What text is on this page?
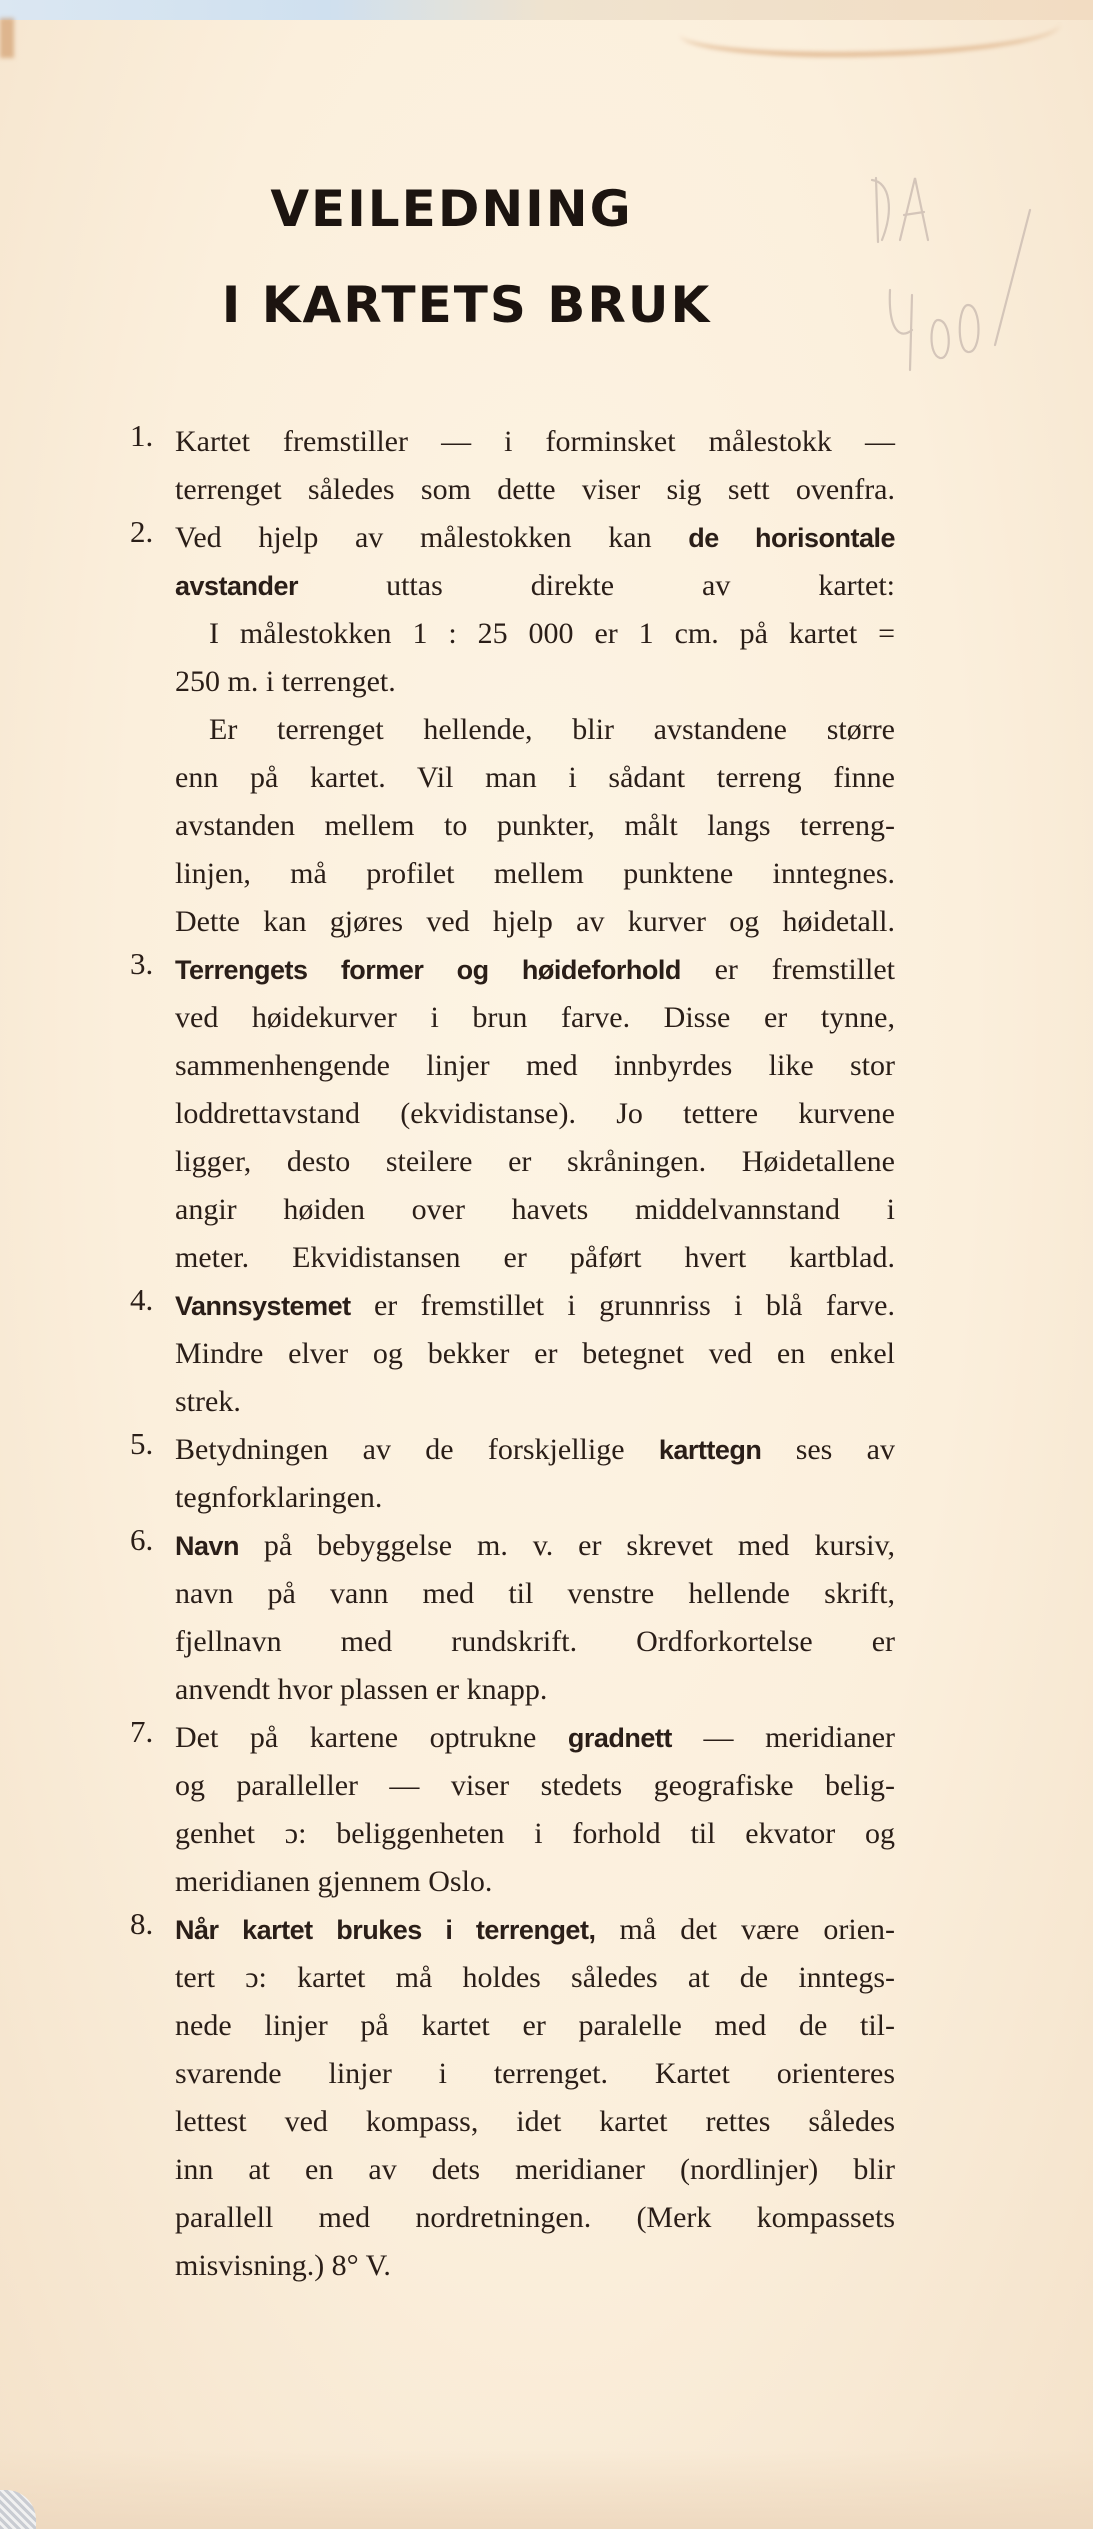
VEILEDNING
I KARTETS BRUK
1. Kartet fremstiller — i forminsket målestokk —
terrenget således som dette viser sig sett ovenfra.
2. Ved hjelp av målestokken kan de horisontale
avstander uttas direkte av kartet:
I målestokken 1 : 25 000 er 1 cm. på kartet =
250 m. i terrenget.
Er terrenget hellende, blir avstandene større
enn på kartet. Vil man i sådant terreng finne
avstanden mellem to punkter, målt langs terreng-
linjen, må profilet mellem punktene inntegnes.
Dette kan gjøres ved hjelp av kurver og høidetall.
3. Terrengets former og høideforhold er fremstillet
ved høidekurver i brun farve. Disse er tynne,
sammenhengende linjer med innbyrdes like stor
loddrettavstand (ekvidistanse). Jo tettere kurvene
ligger, desto steilere er skråningen. Høidetallene
angir høiden over havets middelvannstand i
meter. Ekvidistansen er påført hvert kartblad.
4. Vannsystemet er fremstillet i grunnriss i blå farve.
Mindre elver og bekker er betegnet ved en enkel
strek.
5. Betydningen av de forskjellige karttegn ses av
tegnforklaringen.
6. Navn på bebyggelse m. v. er skrevet med kursiv,
navn på vann med til venstre hellende skrift,
fjellnavn med rundskrift. Ordforkortelse er
anvendt hvor plassen er knapp.
7. Det på kartene optrukne gradnett — meridianer
og paralleller — viser stedets geografiske belig-
genhet ɔ: beliggenheten i forhold til ekvator og
meridianen gjennem Oslo.
8. Når kartet brukes i terrenget, må det være orien-
tert ɔ: kartet må holdes således at de inntegs-
nede linjer på kartet er paralelle med de til-
svarende linjer i terrenget. Kartet orienteres
lettest ved kompass, idet kartet rettes således
inn at en av dets meridianer (nordlinjer) blir
parallell med nordretningen. (Merk kompassets
misvisning.) 8° V.
